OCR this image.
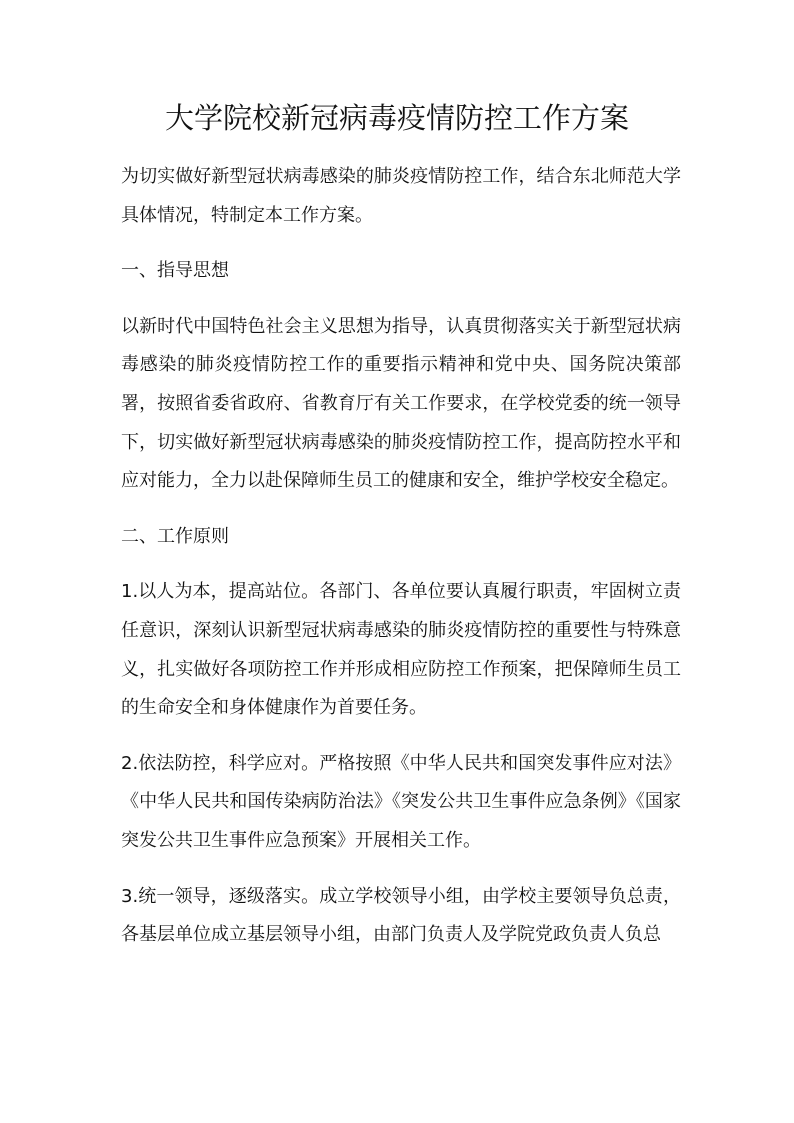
大学院校新冠病毒疫情防控工作方案

为切实做好新型冠状病毒感染的肺炎疫情防控工作，结合东北师范大学具体情况，特制定本工作方案。

一、指导思想

以新时代中国特色社会主义思想为指导，认真贯彻落实关于新型冠状病毒感染的肺炎疫情防控工作的重要指示精神和党中央、国务院决策部署，按照省委省政府、省教育厅有关工作要求，在学校党委的统一领导下，切实做好新型冠状病毒感染的肺炎疫情防控工作，提高防控水平和应对能力，全力以赴保障师生员工的健康和安全，维护学校安全稳定。

二、工作原则

1.以人为本，提高站位。各部门、各单位要认真履行职责，牢固树立责任意识，深刻认识新型冠状病毒感染的肺炎疫情防控的重要性与特殊意义，扎实做好各项防控工作并形成相应防控工作预案，把保障师生员工的生命安全和身体健康作为首要任务。

2.依法防控，科学应对。严格按照《中华人民共和国突发事件应对法》《中华人民共和国传染病防治法》《突发公共卫生事件应急条例》《国家突发公共卫生事件应急预案》开展相关工作。

3.统一领导，逐级落实。成立学校领导小组，由学校主要领导负总责，各基层单位成立基层领导小组，由部门负责人及学院党政负责人负总
